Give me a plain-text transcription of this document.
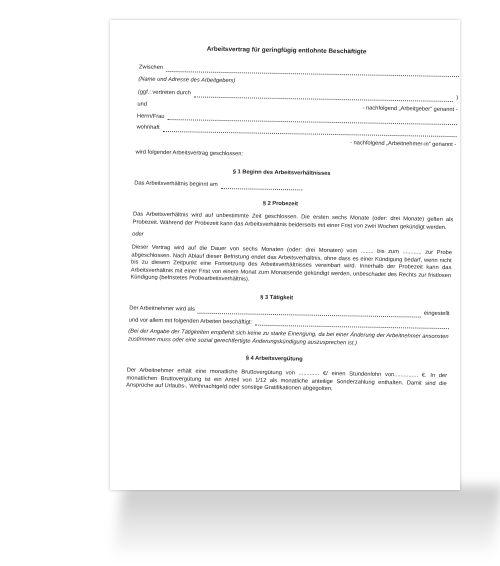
Arbeitsvertrag für geringfügig entlohnte Beschäftigte
Zwischen
(Name und Adresse des Arbeitgebers)
(ggf.: vertreten durch
)
und
- nachfolgend „Arbeitgeber“ genannt -
Herrn/Frau
wohnhaft
- nachfolgend „Arbeitnehmer-in“ genannt -

wird folgender Arbeitsvertrag geschlossen:

§ 1 Beginn des Arbeitsverhältnisses
Das Arbeitsverhältnis beginnt am
§ 2 Probezeit

Das Arbeitsverhältnis wird auf unbestimmte Zeit geschlossen. Die ersten sechs Monate (oder: drei Monate) gelten als Probezeit. Während der Probezeit kann das Arbeitsverhältnis beiderseits mit einer Frist von zwei Wochen gekündigt werden.

oder

Dieser Vertrag wird auf die Dauer von sechs Monaten (oder: drei Monaten) vom ........ bis zum ............ zur Probe abgeschlossen. Nach Ablauf dieser Befristung endet das Arbeitsverhältnis, ohne dass es einer Kündigung bedarf, wenn nicht bis zu diesem Zeitpunkt eine Fortsetzung des Arbeitsverhältnisses vereinbart wird. Innerhalb der Probezeit kann das Arbeitsverhältnis mit einer Frist von einem Monat zum Monatsende gekündigt werden, unbeschadet des Rechts zur fristlosen Kündigung (befristetes Probearbeitsverhältnis).

§ 3 Tätigkeit
Der Arbeitnehmer wird als
eingestellt
und vor allem mit folgenden Arbeiten beschäftigt:

(Bei der Angabe der Tätigkeiten empfiehlt sich keine zu starke Einengung, da bei einer Änderung der Arbeitnehmer ansonsten zustimmen muss oder eine sozial gerechtfertigte Änderungskündigung auszusprechen ist.)

§ 4 Arbeitsvergütung

Der Arbeitnehmer erhält eine monatliche Bruttovergütung von ............. €/ einen Stundenlohn von............... €. In der monatlichen Bruttovergütung ist ein Anteil von 1/12 als monatliche anteilige Sonderzahlung enthalten. Damit sind die Ansprüche auf Urlaubs-, Weihnachtgeld oder sonstige Gratifikationen abgegolten.
